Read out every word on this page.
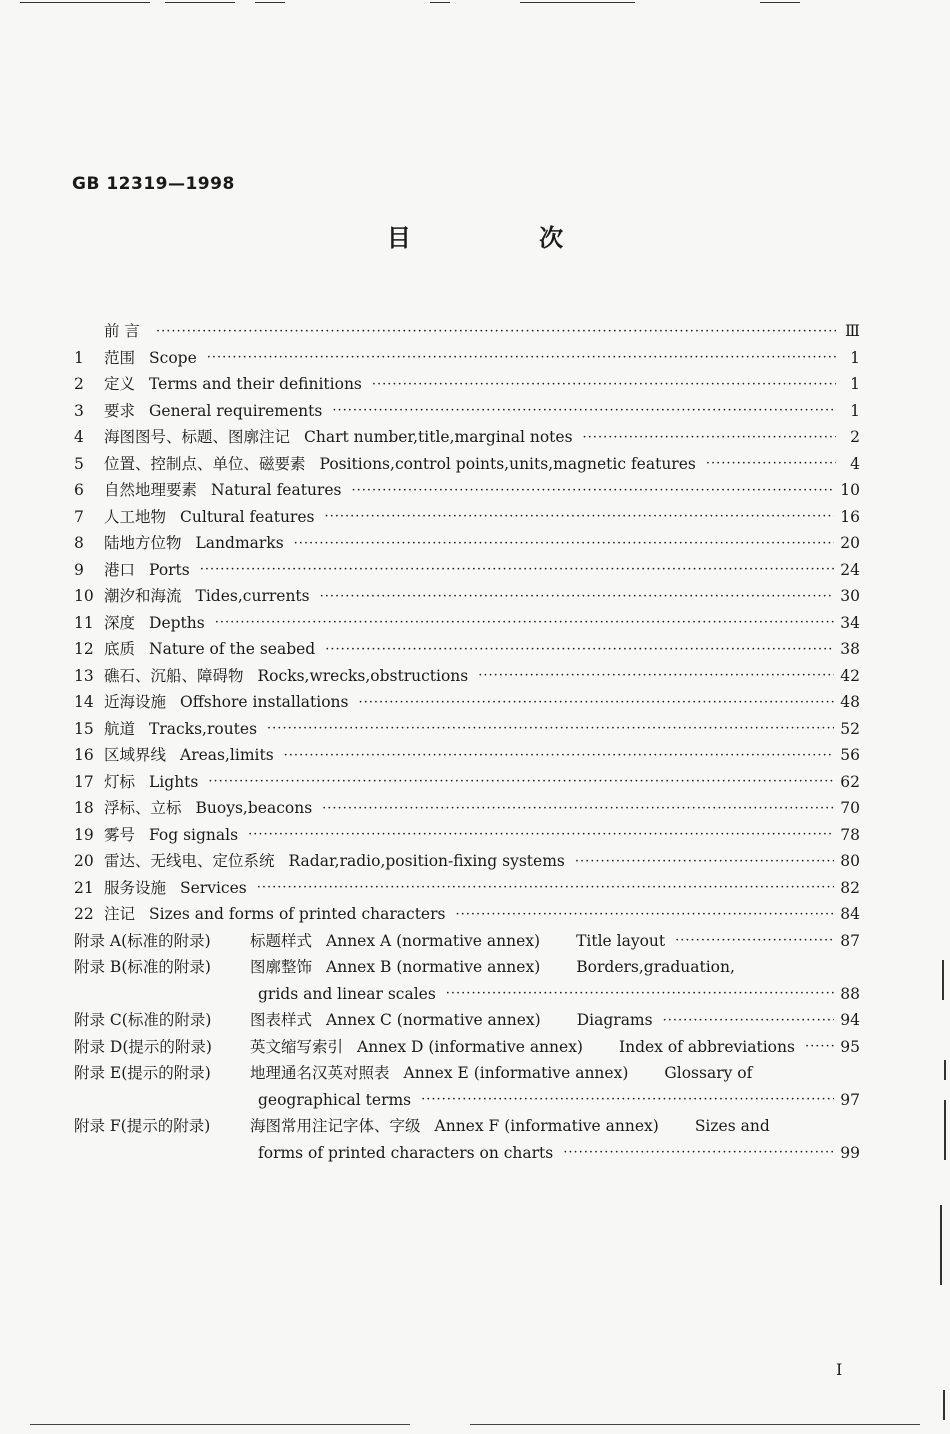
GB 12319—1998
目 次
前 言 ·····	Ⅲ
1	范围 Scope ·····	1
2	定义 Terms and their definitions ·····	1
3	要求 General requirements ·····	1
4	海图图号、标题、图廓注记 Chart number,title,marginal notes ·····	2
5	位置、控制点、单位、磁要素 Positions,control points,units,magnetic features ·····	4
6	自然地理要素 Natural features ·····	10
7	人工地物 Cultural features ·····	16
8	陆地方位物 Landmarks ·····	20
9	港口 Ports ·····	24
10 潮汐和海流 Tides,currents ·····	30
11 深度 Depths ·····	34
12 底质 Nature of the seabed ·····	38
13 礁石、沉船、障碍物 Rocks,wrecks,obstructions ·····	42
14 近海设施 Offshore installations ·····	48
15 航道 Tracks,routes ·····	52
16 区域界线 Areas,limits ·····	56
17 灯标 Lights ·····	62
18 浮标、立标 Buoys,beacons ·····	70
19 雾号 Fog signals ·····	78
20 雷达、无线电、定位系统 Radar,radio,position-fixing systems ·····	80
21 服务设施 Services ·····	82
22 注记 Sizes and forms of printed characters ·····	84
附录 A(标准的附录)	标题样式 Annex A (normative annex) Title layout ·····	87
附录 B(标准的附录)	图廓整饰 Annex B (normative annex) Borders,graduation,
grids and linear scales ·····	88
附录 C(标准的附录)	图表样式 Annex C (normative annex) Diagrams ·····	94
附录 D(提示的附录)	英文缩写索引 Annex D (informative annex) Index of abbreviations ·····	95
附录 E(提示的附录)	地理通名汉英对照表 Annex E (informative annex) Glossary of
geographical terms ·····	97
附录 F(提示的附录)	海图常用注记字体、字级 Annex F (informative annex) Sizes and
forms of printed characters on charts ·····	99
I
